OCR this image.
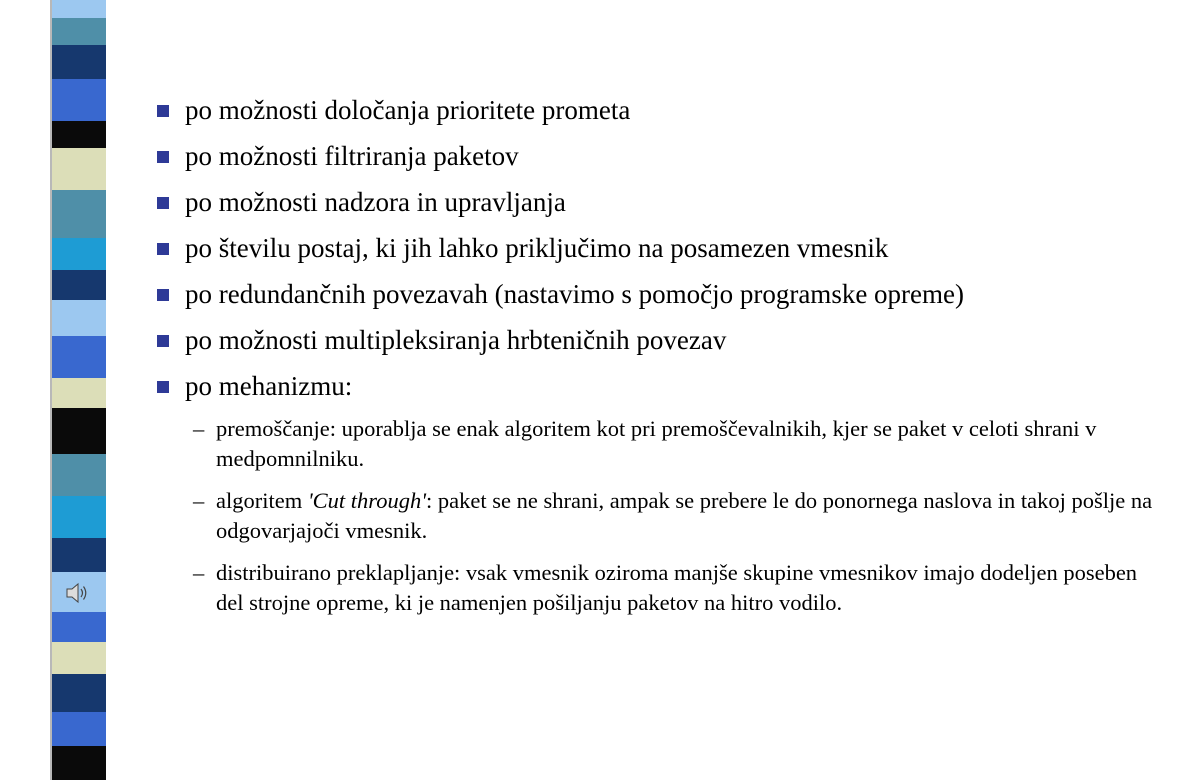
po možnosti določanja prioritete prometa
po možnosti filtriranja paketov
po možnosti nadzora in upravljanja
po številu postaj, ki jih lahko priključimo na posamezen vmesnik
po redundančnih povezavah (nastavimo s pomočjo programske opreme)
po možnosti multipleksiranja hrbteničnih povezav
po mehanizmu:
– premoščanje: uporablja se enak algoritem kot pri premoščevalnikih, kjer se paket v celoti shrani v medpomnilniku.
– algoritem 'Cut through': paket se ne shrani, ampak se prebere le do ponornega naslova in takoj pošlje na odgovarjajoči vmesnik.
– distribuirano preklapljanje: vsak vmesnik oziroma manjše skupine vmesnikov imajo dodeljen poseben del strojne opreme, ki je namenjen pošiljanju paketov na hitro vodilo.
